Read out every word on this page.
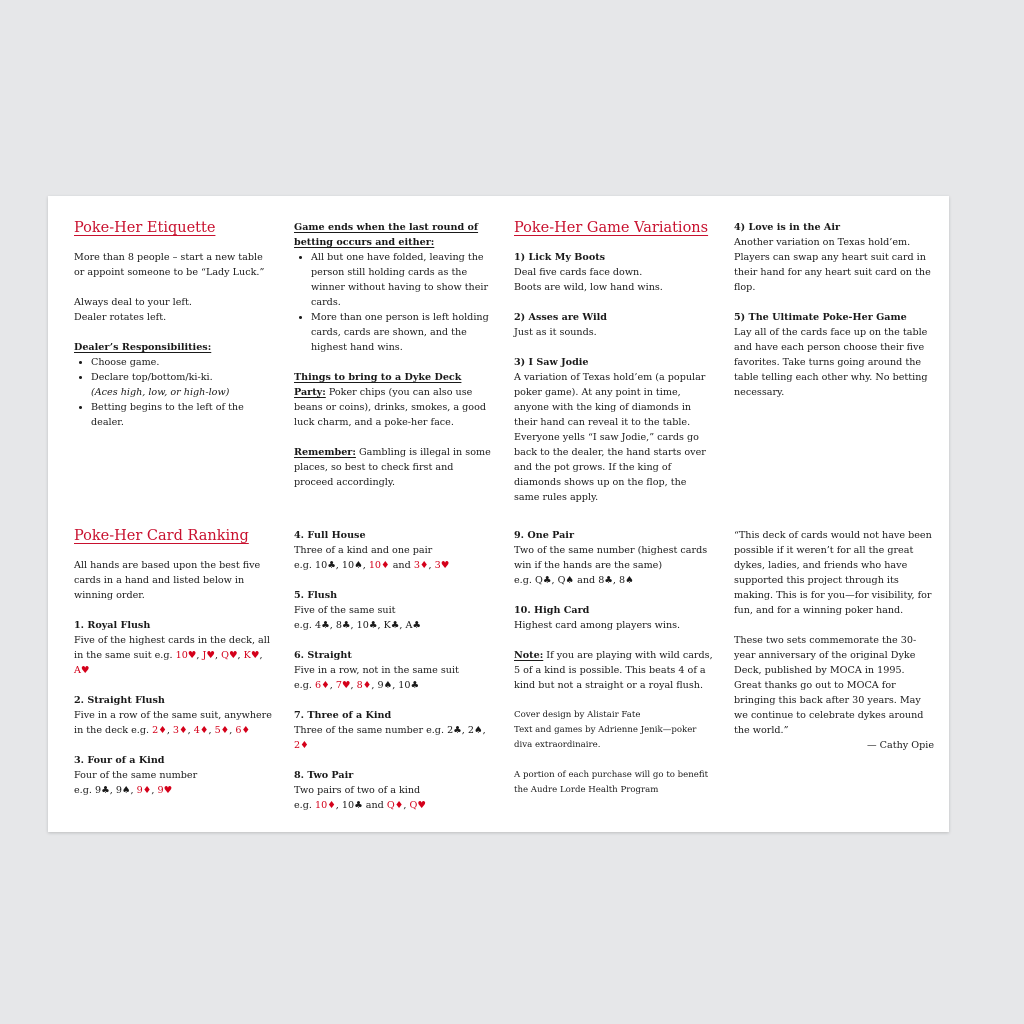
Poke-Her Etiquette

More than 8 people – start a new table or appoint someone to be “Lady Luck.”

Always deal to your left.

Dealer rotates left.

Dealer’s Responsibilities:

• Choose game.
• Declare top/bottom/ki-ki.
(Aces high, low, or high-low)
• Betting begins to the left of the dealer.

Game ends when the last round of betting occurs and either:

• All but one have folded, leaving the person still holding cards as the winner without having to show their cards.
• More than one person is left holding cards, cards are shown, and the highest hand wins.

Things to bring to a Dyke Deck Party: Poker chips (you can also use beans or coins), drinks, smokes, a good luck charm, and a poke-her face.

Remember: Gambling is illegal in some places, so best to check first and proceed accordingly.

Poke-Her Game Variations

1) Lick My Boots

Deal five cards face down.

Boots are wild, low hand wins.

2) Asses are Wild

Just as it sounds.

3) I Saw Jodie

A variation of Texas hold’em (a popular poker game). At any point in time, anyone with the king of diamonds in their hand can reveal it to the table. Everyone yells “I saw Jodie,” cards go back to the dealer, the hand starts over and the pot grows. If the king of diamonds shows up on the flop, the same rules apply.

4) Love is in the Air

Another variation on Texas hold’em. Players can swap any heart suit card in their hand for any heart suit card on the flop.

5) The Ultimate Poke-Her Game

Lay all of the cards face up on the table and have each person choose their five favorites. Take turns going around the table telling each other why. No betting necessary.

Poke-Her Card Ranking

All hands are based upon the best five cards in a hand and listed below in winning order.

1. Royal Flush

Five of the highest cards in the deck, all in the same suit e.g. 10♥, J♥, Q♥, K♥, A♥

2. Straight Flush

Five in a row of the same suit, anywhere in the deck e.g. 2♦, 3♦, 4♦, 5♦, 6♦

3. Four of a Kind

Four of the same number

e.g. 9♣, 9♠, 9♦, 9♥

4. Full House

Three of a kind and one pair

e.g. 10♣, 10♠, 10♦ and 3♦, 3♥

5. Flush

Five of the same suit

e.g. 4♣, 8♣, 10♣, K♣, A♣

6. Straight

Five in a row, not in the same suit

e.g. 6♦, 7♥, 8♦, 9♠, 10♣

7. Three of a Kind

Three of the same number e.g. 2♣, 2♠, 2♦

8. Two Pair

Two pairs of two of a kind

e.g. 10♦, 10♣ and Q♦, Q♥

9. One Pair

Two of the same number (highest cards win if the hands are the same)

e.g. Q♣, Q♠ and 8♣, 8♠

10. High Card

Highest card among players wins.

Note: If you are playing with wild cards, 5 of a kind is possible. This beats 4 of a kind but not a straight or a royal flush.

Cover design by Alistair Fate

Text and games by Adrienne Jenik—poker diva extraordinaire.

A portion of each purchase will go to benefit the Audre Lorde Health Program

“This deck of cards would not have been possible if it weren’t for all the great dykes, ladies, and friends who have supported this project through its making. This is for you—for visibility, for fun, and for a winning poker hand.

These two sets commemorate the 30-year anniversary of the original Dyke Deck, published by MOCA in 1995. Great thanks go out to MOCA for bringing this back after 30 years. May we continue to celebrate dykes around the world.”

— Cathy Opie
